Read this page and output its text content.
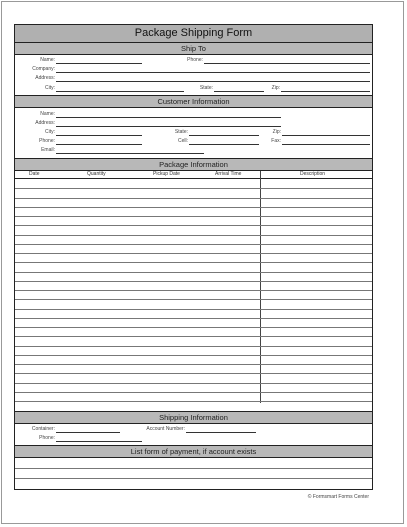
Package Shipping Form
Ship To
Name:	Phone:
Company:
Address:
City:	State:	Zip:
Customer Information
Name:
Address:
City:	State:	Zip:
Phone:	Cell:	Fax:
Email:
Package Information
Date	Quantity	Pickup Date	Arrival Time	Description
Shipping Information
Container:	Account Number:
Phone:
List form of payment, if account exists
© Formsmart Forms Center
